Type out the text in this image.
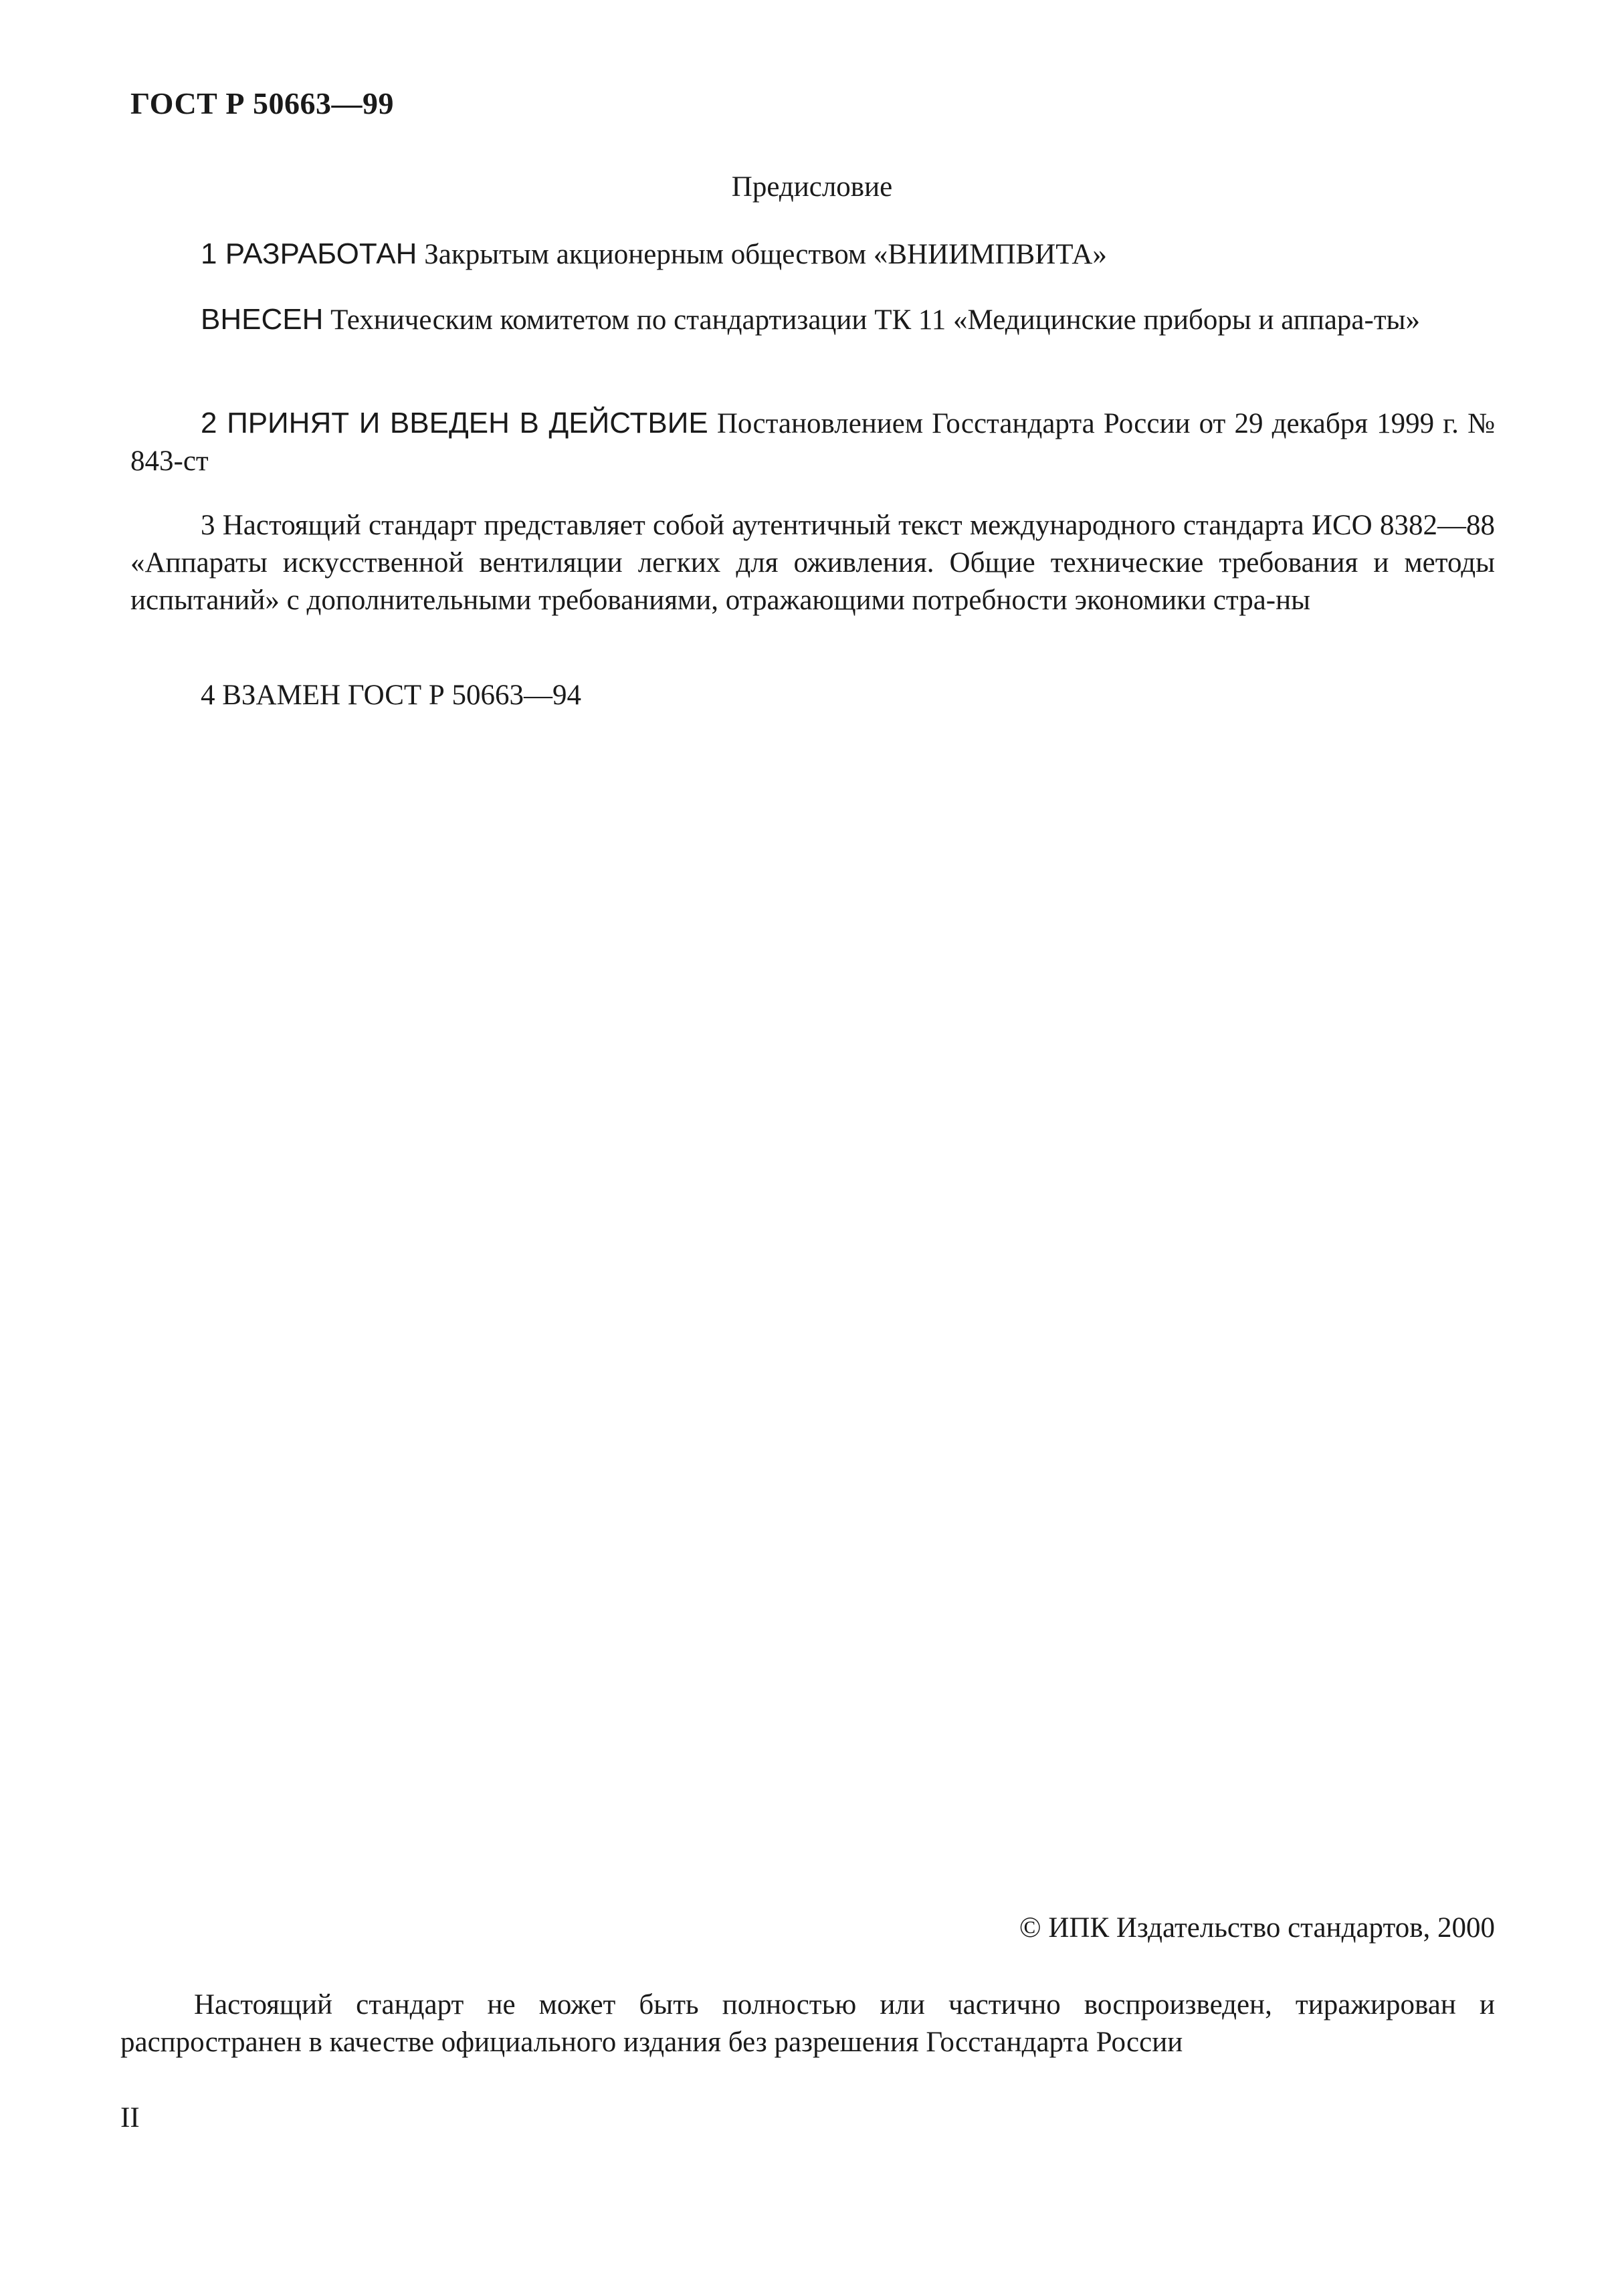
ГОСТ Р 50663—99
Предисловие
1 РАЗРАБОТАН Закрытым акционерным обществом «ВНИИМПВИТА»
ВНЕСЕН Техническим комитетом по стандартизации ТК 11 «Медицинские приборы и аппара-ты»
2 ПРИНЯТ И ВВЕДЕН В ДЕЙСТВИЕ Постановлением Госстандарта России от 29 декабря 1999 г. № 843-ст
3 Настоящий стандарт представляет собой аутентичный текст международного стандарта ИСО 8382—88 «Аппараты искусственной вентиляции легких для оживления. Общие технические требования и методы испытаний» с дополнительными требованиями, отражающими потребности экономики стра-ны
4 ВЗАМЕН ГОСТ Р 50663—94
© ИПК Издательство стандартов, 2000
Настоящий стандарт не может быть полностью или частично воспроизведен, тиражирован и распространен в качестве официального издания без разрешения Госстандарта России
II
